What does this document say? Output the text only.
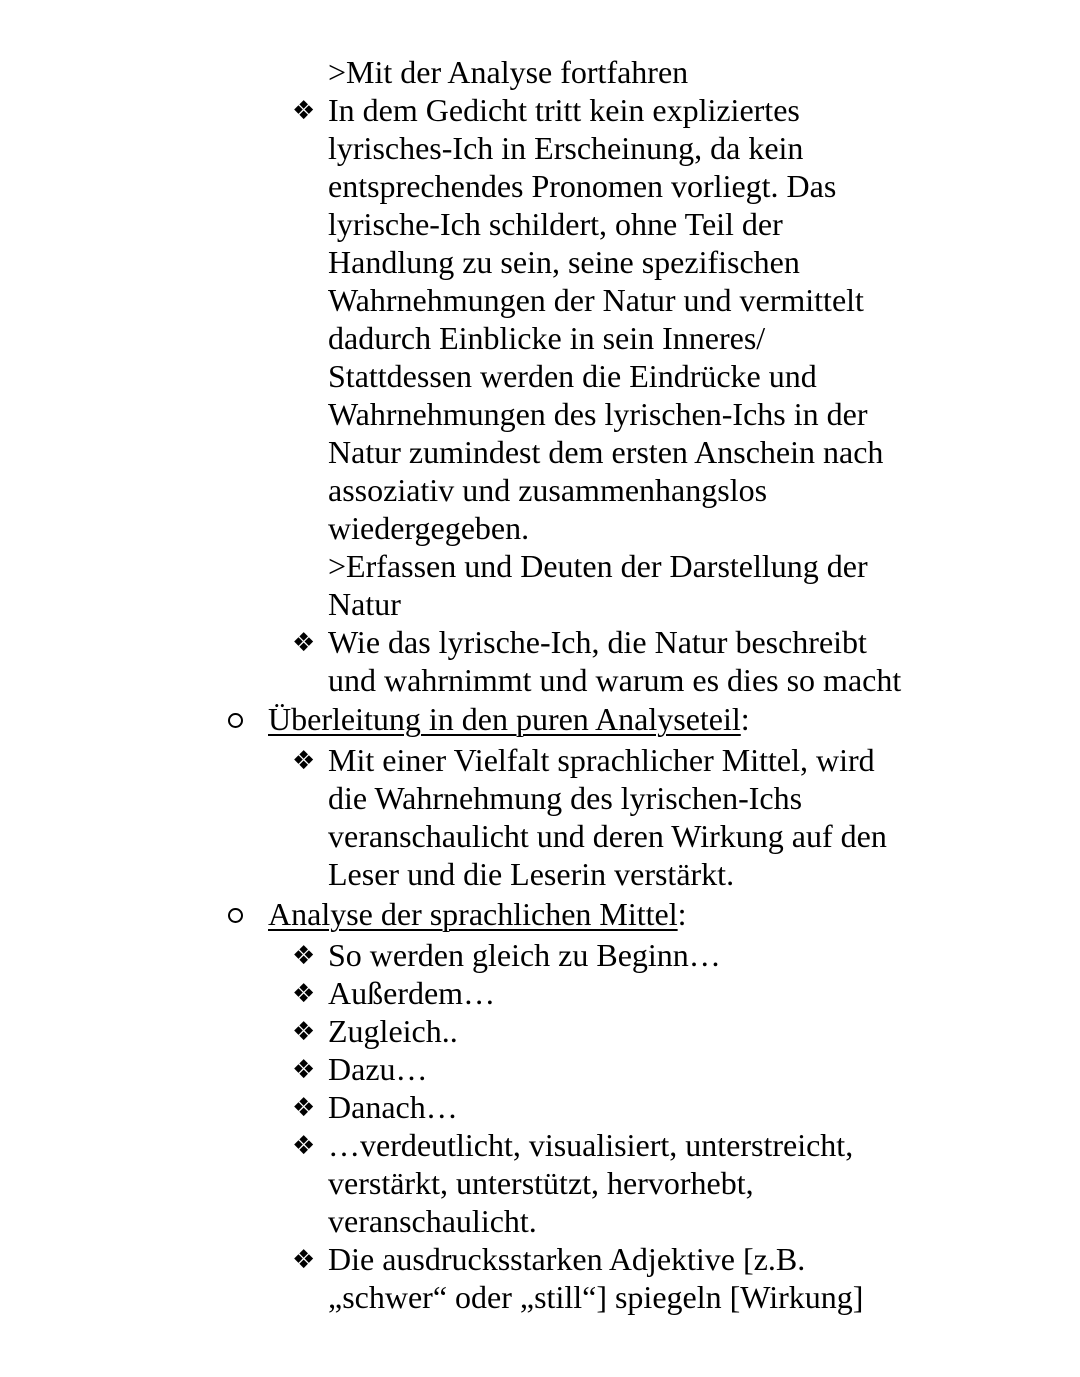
>Mit der Analyse fortfahren
❖ In dem Gedicht tritt kein expliziertes
lyrisches-Ich in Erscheinung, da kein
entsprechendes Pronomen vorliegt. Das
lyrische-Ich schildert, ohne Teil der
Handlung zu sein, seine spezifischen
Wahrnehmungen der Natur und vermittelt
dadurch Einblicke in sein Inneres/
Stattdessen werden die Eindrücke und
Wahrnehmungen des lyrischen-Ichs in der
Natur zumindest dem ersten Anschein nach
assoziativ und zusammenhangslos
wiedergegeben.
>Erfassen und Deuten der Darstellung der
Natur
❖ Wie das lyrische-Ich, die Natur beschreibt
und wahrnimmt und warum es dies so macht
Überleitung in den puren Analyseteil:
❖ Mit einer Vielfalt sprachlicher Mittel, wird
die Wahrnehmung des lyrischen-Ichs
veranschaulicht und deren Wirkung auf den
Leser und die Leserin verstärkt.
Analyse der sprachlichen Mittel:
❖ So werden gleich zu Beginn…
❖ Außerdem…
❖ Zugleich..
❖ Dazu…
❖ Danach…
❖ …verdeutlicht, visualisiert, unterstreicht,
verstärkt, unterstützt, hervorhebt,
veranschaulicht.
❖ Die ausdrucksstarken Adjektive [z.B.
„schwer“ oder „still“] spiegeln [Wirkung]
